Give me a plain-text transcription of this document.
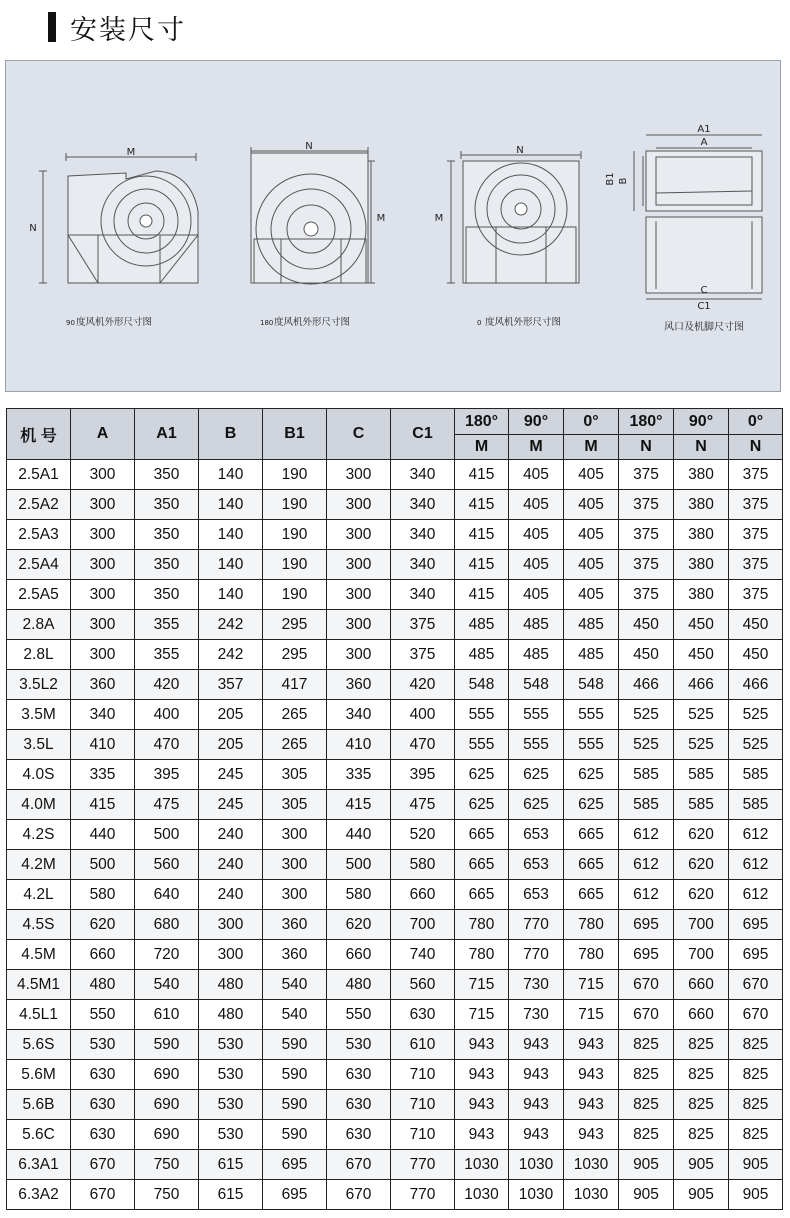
安装尺寸
M
N
90 度风机外形尺寸图
N
M
180 度风机外形尺寸图
N
M
0 度风机外形尺寸图
A1
A
B1 B
C
C1
风口及机脚尺寸图
机 号	A	A1	B	B1	C	C1	180°	90°	0°	180°	90°	0°
							M	M	M	N	N	N
2.5A1	300	350	140	190	300	340	415	405	405	375	380	375
2.5A2	300	350	140	190	300	340	415	405	405	375	380	375
2.5A3	300	350	140	190	300	340	415	405	405	375	380	375
2.5A4	300	350	140	190	300	340	415	405	405	375	380	375
2.5A5	300	350	140	190	300	340	415	405	405	375	380	375
2.8A	300	355	242	295	300	375	485	485	485	450	450	450
2.8L	300	355	242	295	300	375	485	485	485	450	450	450
3.5L2	360	420	357	417	360	420	548	548	548	466	466	466
3.5M	340	400	205	265	340	400	555	555	555	525	525	525
3.5L	410	470	205	265	410	470	555	555	555	525	525	525
4.0S	335	395	245	305	335	395	625	625	625	585	585	585
4.0M	415	475	245	305	415	475	625	625	625	585	585	585
4.2S	440	500	240	300	440	520	665	653	665	612	620	612
4.2M	500	560	240	300	500	580	665	653	665	612	620	612
4.2L	580	640	240	300	580	660	665	653	665	612	620	612
4.5S	620	680	300	360	620	700	780	770	780	695	700	695
4.5M	660	720	300	360	660	740	780	770	780	695	700	695
4.5M1	480	540	480	540	480	560	715	730	715	670	660	670
4.5L1	550	610	480	540	550	630	715	730	715	670	660	670
5.6S	530	590	530	590	530	610	943	943	943	825	825	825
5.6M	630	690	530	590	630	710	943	943	943	825	825	825
5.6B	630	690	530	590	630	710	943	943	943	825	825	825
5.6C	630	690	530	590	630	710	943	943	943	825	825	825
6.3A1	670	750	615	695	670	770	1030	1030	1030	905	905	905
6.3A2	670	750	615	695	670	770	1030	1030	1030	905	905	905
